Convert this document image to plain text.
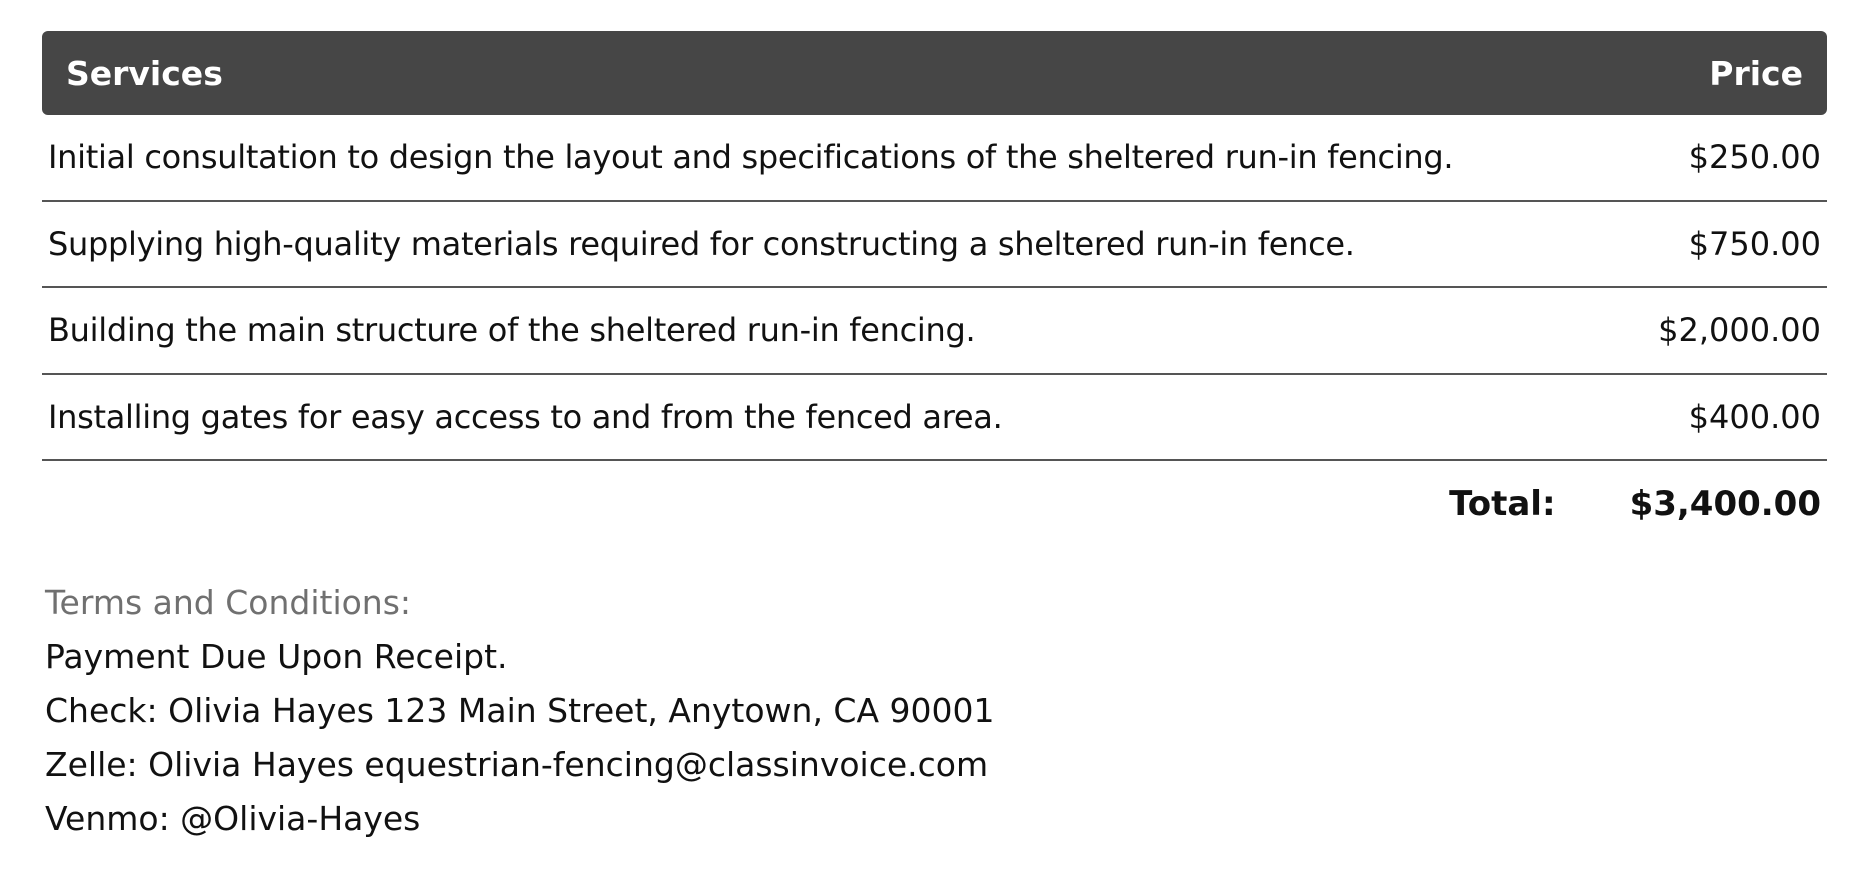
Services	Price
Initial consultation to design the layout and specifications of the sheltered run-in fencing.	$250.00
Supplying high-quality materials required for constructing a sheltered run-in fence.	$750.00
Building the main structure of the sheltered run-in fencing.	$2,000.00
Installing gates for easy access to and from the fenced area.	$400.00
Total: $3,400.00
Terms and Conditions:
Payment Due Upon Receipt.
Check: Olivia Hayes 123 Main Street, Anytown, CA 90001
Zelle: Olivia Hayes equestrian-fencing@classinvoice.com
Venmo: @Olivia-Hayes
